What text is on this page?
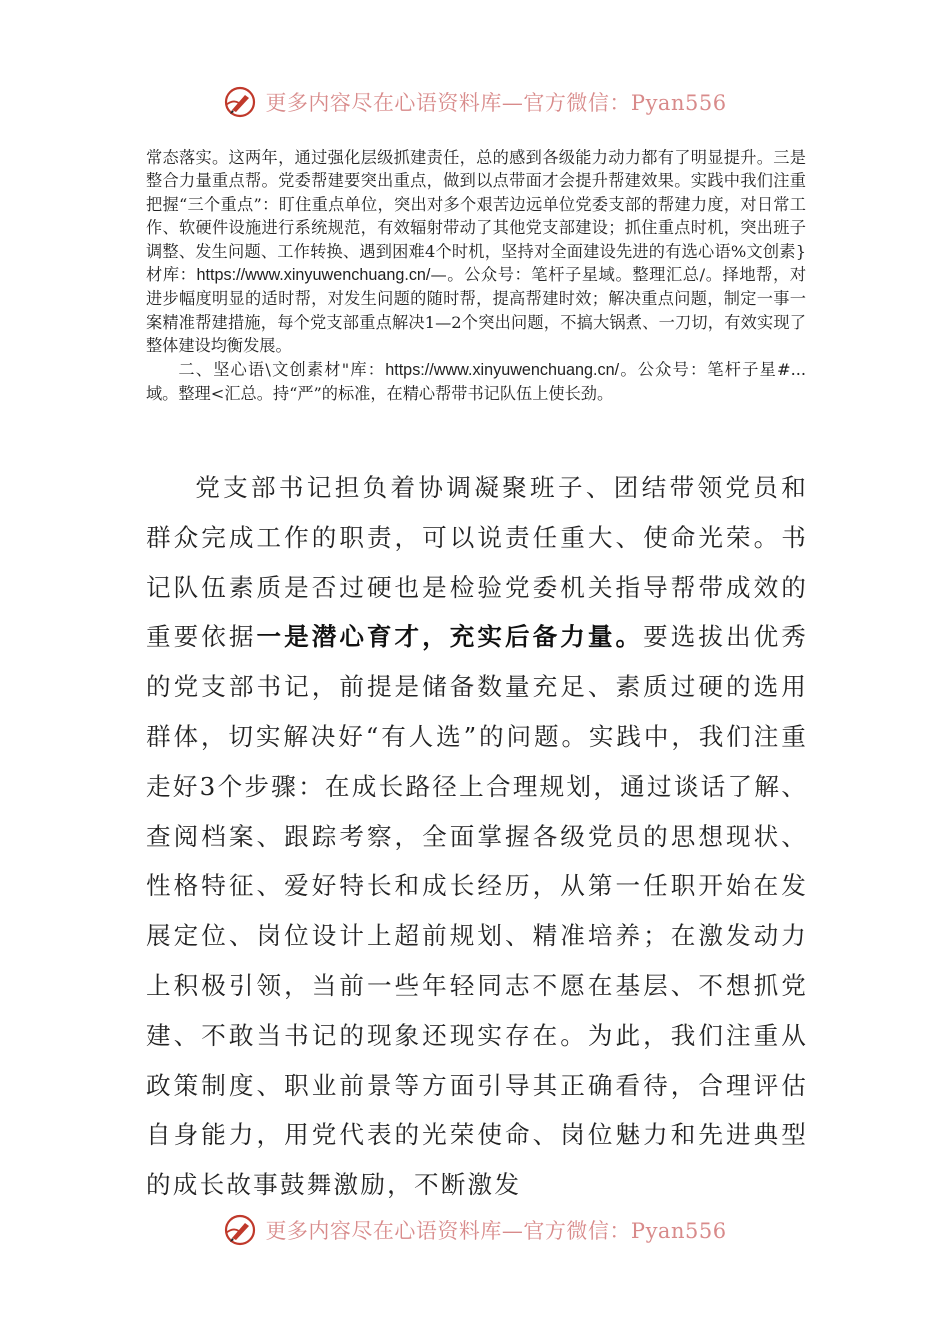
更多内容尽在心语资料库—官方微信：Pyan556

常态落实。这两年，通过强化层级抓建责任，总的感到各级能力动力都有了明显提升。三是整合力量重点帮。党委帮建要突出重点，做到以点带面才会提升帮建效果。实践中我们注重把握“三个重点”：盯住重点单位，突出对多个艰苦边远单位党委支部的帮建力度，对日常工作、软硬件设施进行系统规范，有效辐射带动了其他党支部建设；抓住重点时机，突出班子调整、发生问题、工作转换、遇到困难4个时机，坚持对全面建设先进的有选心语%文创素}材库：https://www.xinyuwenchuang.cn/—。公众号：笔杆子星域。整理汇总/。择地帮，对进步幅度明显的适时帮，对发生问题的随时帮，提高帮建时效；解决重点问题，制定一事一案精准帮建措施，每个党支部重点解决1—2个突出问题，不搞大锅煮、一刀切，有效实现了整体建设均衡发展。

二、坚心语\文创素材"库：https://www.xinyuwenchuang.cn/。公众号：笔杆子星#...域。整理<汇总。持“严”的标准，在精心帮带书记队伍上使长劲。

党支部书记担负着协调凝聚班子、团结带领党员和群众完成工作的职责，可以说责任重大、使命光荣。书记队伍素质是否过硬也是检验党委机关指导帮带成效的重要依据一是潜心育才，充实后备力量。要选拔出优秀的党支部书记，前提是储备数量充足、素质过硬的选用群体，切实解决好“有人选”的问题。实践中，我们注重走好3个步骤：在成长路径上合理规划，通过谈话了解、查阅档案、跟踪考察，全面掌握各级党员的思想现状、性格特征、爱好特长和成长经历，从第一任职开始在发展定位、岗位设计上超前规划、精准培养；在激发动力上积极引领，当前一些年轻同志不愿在基层、不想抓党建、不敢当书记的现象还现实存在。为此，我们注重从政策制度、职业前景等方面引导其正确看待，合理评估自身能力，用党代表的光荣使命、岗位魅力和先进典型的成长故事鼓舞激励，不断激发

更多内容尽在心语资料库—官方微信：Pyan556
